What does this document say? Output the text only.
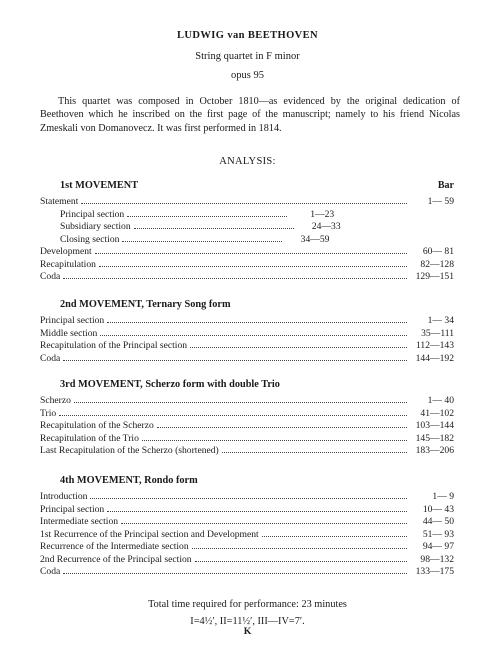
LUDWIG van BEETHOVEN
String quartet in F minor
opus 95

This quartet was composed in October 1810—as evidenced by the original dedication of Beethoven which he inscribed on the first page of the manuscript; namely to his friend Nicolas Zmeskali von Domanovecz. It was first performed in 1814.

ANALYSIS:
1st MOVEMENT	Bar
Statement	1— 59
Principal section	1—23
Subsidiary section	24—33
Closing section	34—59
Development	60— 81
Recapitulation	82—128
Coda	129—151
2nd MOVEMENT, Ternary Song form
Principal section	1— 34
Middle section	35—111
Recapitulation of the Principal section	112—143
Coda	144—192
3rd MOVEMENT, Scherzo form with double Trio
Scherzo	1— 40
Trio	41—102
Recapitulation of the Scherzo	103—144
Recapitulation of the Trio	145—182
Last Recapitulation of the Scherzo (shortened)	183—206
4th MOVEMENT, Rondo form
Introduction	1— 9
Principal section	10— 43
Intermediate section	44— 50
1st Recurrence of the Principal section and Development	51— 93
Recurrence of the Intermediate section	94— 97
2nd Recurrence of the Principal section	98—132
Coda	133—175
Total time required for performance: 23 minutes
I=4½′, II=11½′, III—IV=7′.
K
